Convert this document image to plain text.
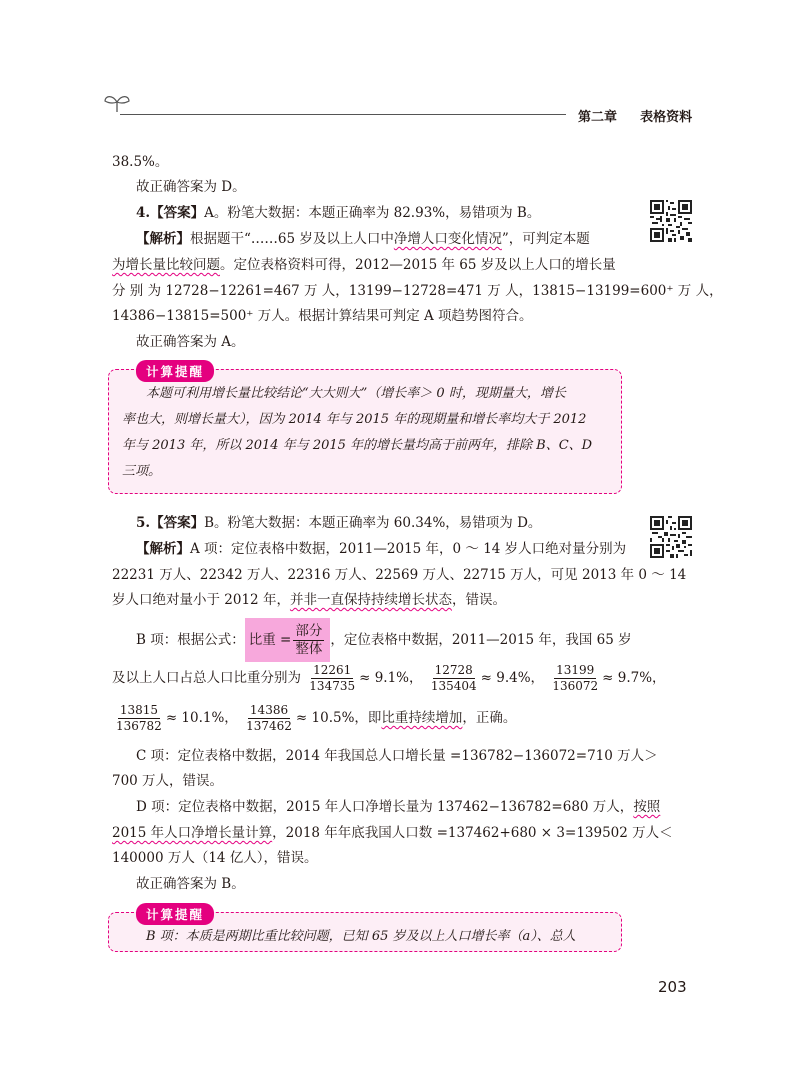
第二章 表格资料
38.5%。
故正确答案为 D。
4.【答案】A。粉笔大数据：本题正确率为 82.93%，易错项为 B。
【解析】根据题干“……65 岁及以上人口中净增人口变化情况”，可判定本题
为增长量比较问题。定位表格资料可得，2012—2015 年 65 岁及以上人口的增长量
分 别 为 12728−12261=467 万 人，13199−12728=471 万 人，13815−13199=600⁺ 万 人，
14386−13815=500⁺ 万人。根据计算结果可判定 A 项趋势图符合。
故正确答案为 A。
计算提醒
本题可利用增长量比较结论“大大则大”（增长率＞ 0 时，现期量大，增长
率也大，则增长量大），因为 2014 年与 2015 年的现期量和增长率均大于 2012
年与 2013 年，所以 2014 年与 2015 年的增长量均高于前两年，排除 B、C、D
三项。
5.【答案】B。粉笔大数据：本题正确率为 60.34%，易错项为 D。
【解析】A 项：定位表格中数据，2011—2015 年，0 ～ 14 岁人口绝对量分别为
22231 万人、22342 万人、22316 万人、22569 万人、22715 万人，可见 2013 年 0 ～ 14
岁人口绝对量小于 2012 年，并非一直保持持续增长状态，错误。
B 项：根据公式： 比重 = $\frac{\text{部分}}{\text{整体}}$ ，定位表格中数据，2011—2015 年，我国 65 岁
及以上人口占总人口比重分别为 $\frac{12261}{134735} \approx 9.1\%$， $\frac{12728}{135404} \approx 9.4\%$， $\frac{13199}{136072} \approx 9.7\%$，
$\frac{13815}{136782} \approx 10.1\%$， $\frac{14386}{137462} \approx 10.5\%$，即比重持续增加，正确。
C 项：定位表格中数据，2014 年我国总人口增长量 =136782−136072=710 万人＞
700 万人，错误。
D 项：定位表格中数据，2015 年人口净增长量为 137462−136782=680 万人，按照
2015 年人口净增长量计算，2018 年年底我国人口数 =137462+680 × 3=139502 万人＜
140000 万人（14 亿人），错误。
故正确答案为 B。
计算提醒
B 项：本质是两期比重比较问题，已知 65 岁及以上人口增长率（a）、总人
203
